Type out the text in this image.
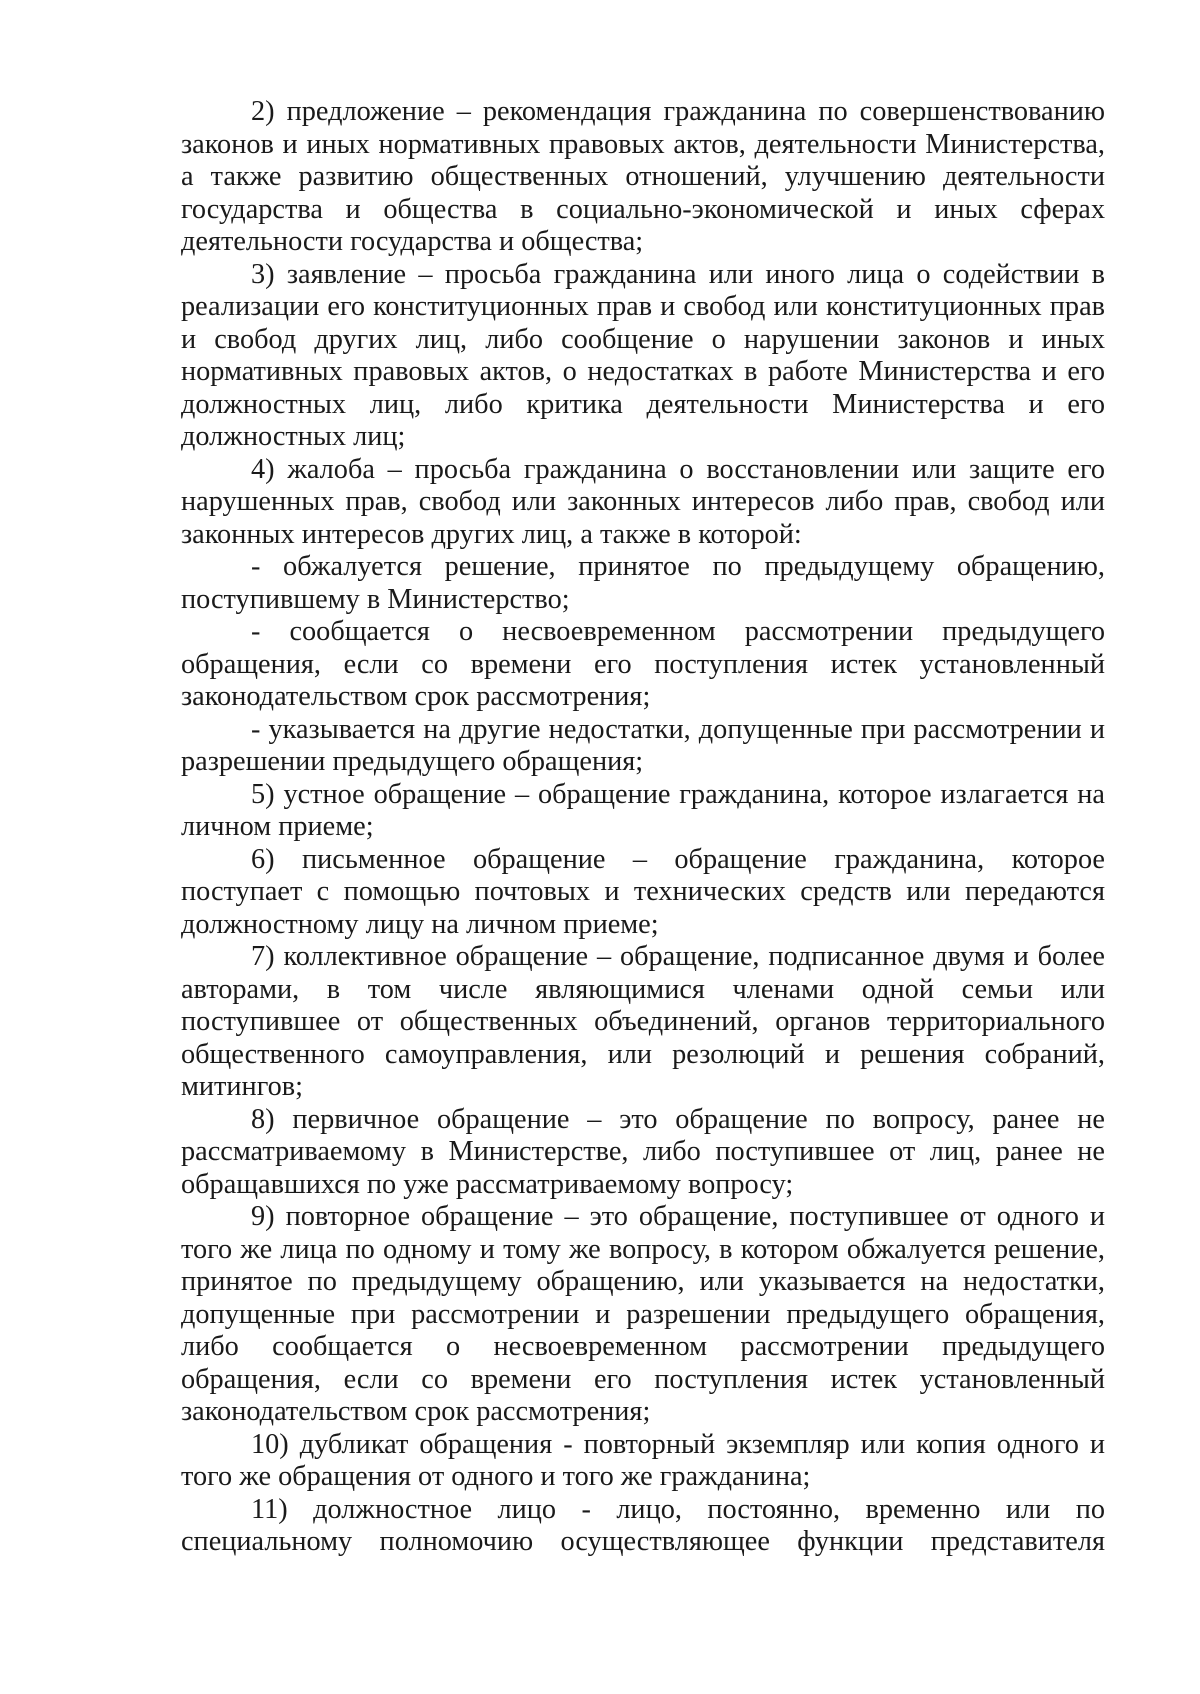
2) предложение – рекомендация гражданина по совершенствованию законов и иных нормативных правовых актов, деятельности Министерства, а также развитию общественных отношений, улучшению деятельности государства и общества в социально-экономической и иных сферах деятельности государства и общества;

3) заявление – просьба гражданина или иного лица о содействии в реализации его конституционных прав и свобод или конституционных прав и свобод других лиц, либо сообщение о нарушении законов и иных нормативных правовых актов, о недостатках в работе Министерства и его должностных лиц, либо критика деятельности Министерства и его должностных лиц;

4) жалоба – просьба гражданина о восстановлении или защите его нарушенных прав, свобод или законных интересов либо прав, свобод или законных интересов других лиц, а также в которой:

- обжалуется решение, принятое по предыдущему обращению, поступившему в Министерство;

- сообщается о несвоевременном рассмотрении предыдущего обращения, если со времени его поступления истек установленный законодательством срок рассмотрения;

- указывается на другие недостатки, допущенные при рассмотрении и разрешении предыдущего обращения;

5) устное обращение – обращение гражданина, которое излагается на личном приеме;

6) письменное обращение – обращение гражданина, которое поступает с помощью почтовых и технических средств или передаются должностному лицу на личном приеме;

7) коллективное обращение – обращение, подписанное двумя и более авторами, в том числе являющимися членами одной семьи или поступившее от общественных объединений, органов территориального общественного самоуправления, или резолюций и решения собраний, митингов;

8) первичное обращение – это обращение по вопросу, ранее не рассматриваемому в Министерстве, либо поступившее от лиц, ранее не обращавшихся по уже рассматриваемому вопросу;

9) повторное обращение – это обращение, поступившее от одного и того же лица по одному и тому же вопросу, в котором обжалуется решение, принятое по предыдущему обращению, или указывается на недостатки, допущенные при рассмотрении и разрешении предыдущего обращения, либо сообщается о несвоевременном рассмотрении предыдущего обращения, если со времени его поступления истек установленный законодательством срок рассмотрения;

10) дубликат обращения - повторный экземпляр или копия одного и того же обращения от одного и того же гражданина;

11) должностное лицо - лицо, постоянно, временно или по специальному полномочию осуществляющее функции представителя
